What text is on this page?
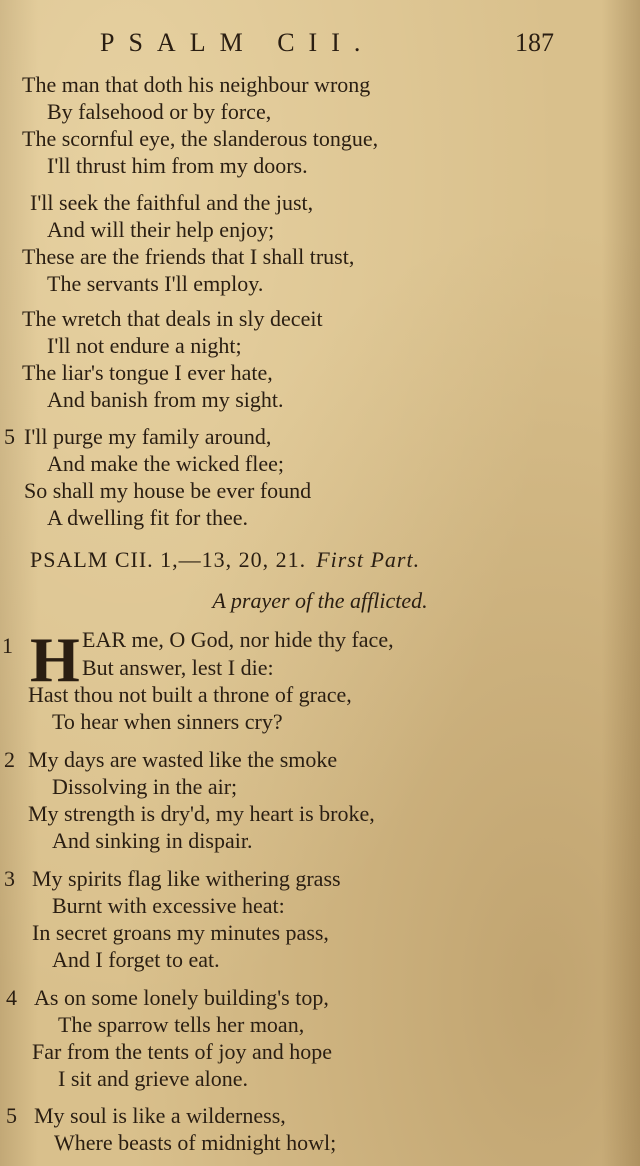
PSALM CII.	187
The man that doth his neighbour wrong
By falsehood or by force,
The scornful eye, the slanderous tongue,
I'll thrust him from my doors.
I'll seek the faithful and the just,
And will their help enjoy;
These are the friends that I shall trust,
The servants I'll employ.
The wretch that deals in sly deceit
I'll not endure a night;
The liar's tongue I ever hate,
And banish from my sight.
5 I'll purge my family around,
And make the wicked flee;
So shall my house be ever found
A dwelling fit for thee.
PSALM CII. 1,—13, 20, 21. First Part.
A prayer of the afflicted.
1 H EAR me, O God, nor hide thy face,
But answer, lest I die:
Hast thou not built a throne of grace,
To hear when sinners cry?
2 My days are wasted like the smoke
Dissolving in the air;
My strength is dry'd, my heart is broke,
And sinking in dispair.
3 My spirits flag like withering grass
Burnt with excessive heat:
In secret groans my minutes pass,
And I forget to eat.
4 As on some lonely building's top,
The sparrow tells her moan,
Far from the tents of joy and hope
I sit and grieve alone.
5 My soul is like a wilderness,
Where beasts of midnight howl;
